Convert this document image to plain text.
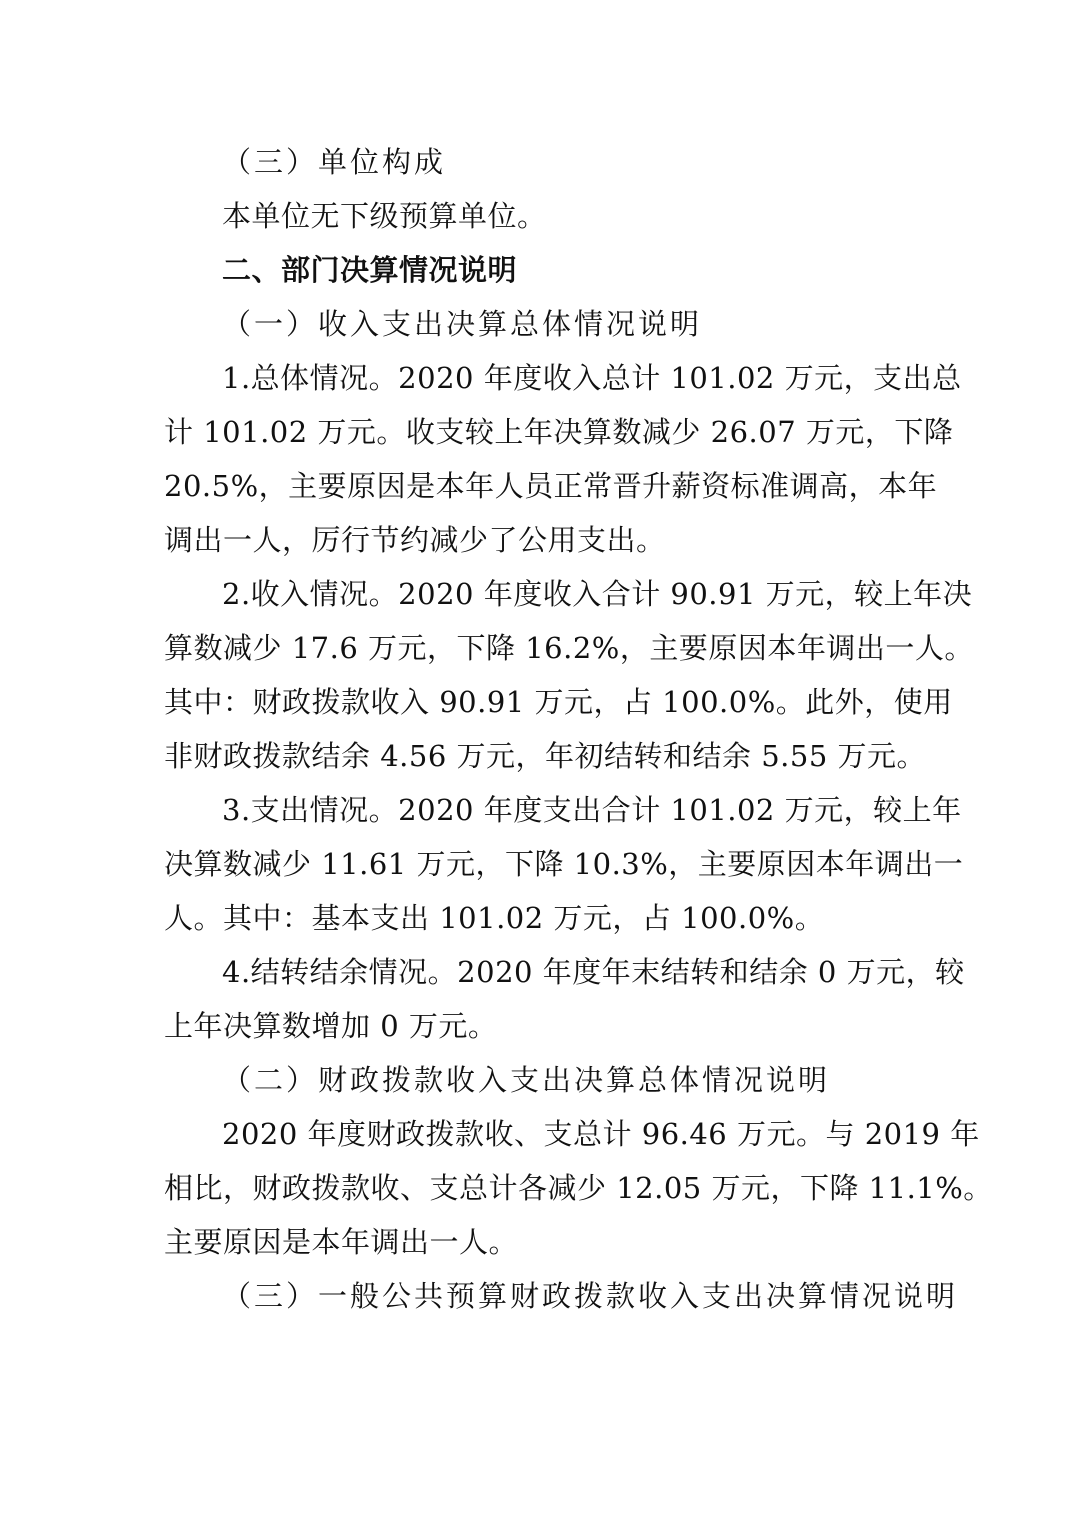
（三）单位构成
本单位无下级预算单位。
二、部门决算情况说明
（一）收入支出决算总体情况说明
1.总体情况。2020 年度收入总计 101.02 万元，支出总
计 101.02 万元。收支较上年决算数减少 26.07 万元，下降
20.5%，主要原因是本年人员正常晋升薪资标准调高，本年
调出一人，厉行节约减少了公用支出。
2.收入情况。2020 年度收入合计 90.91 万元，较上年决
算数减少 17.6 万元，下降 16.2%，主要原因本年调出一人。
其中：财政拨款收入 90.91 万元，占 100.0%。此外，使用
非财政拨款结余 4.56 万元，年初结转和结余 5.55 万元。
3.支出情况。2020 年度支出合计 101.02 万元，较上年
决算数减少 11.61 万元，下降 10.3%，主要原因本年调出一
人。其中：基本支出 101.02 万元，占 100.0%。
4.结转结余情况。2020 年度年末结转和结余 0 万元，较
上年决算数增加 0 万元。
（二）财政拨款收入支出决算总体情况说明
2020 年度财政拨款收、支总计 96.46 万元。与 2019 年
相比，财政拨款收、支总计各减少 12.05 万元，下降 11.1%。
主要原因是本年调出一人。
（三）一般公共预算财政拨款收入支出决算情况说明
